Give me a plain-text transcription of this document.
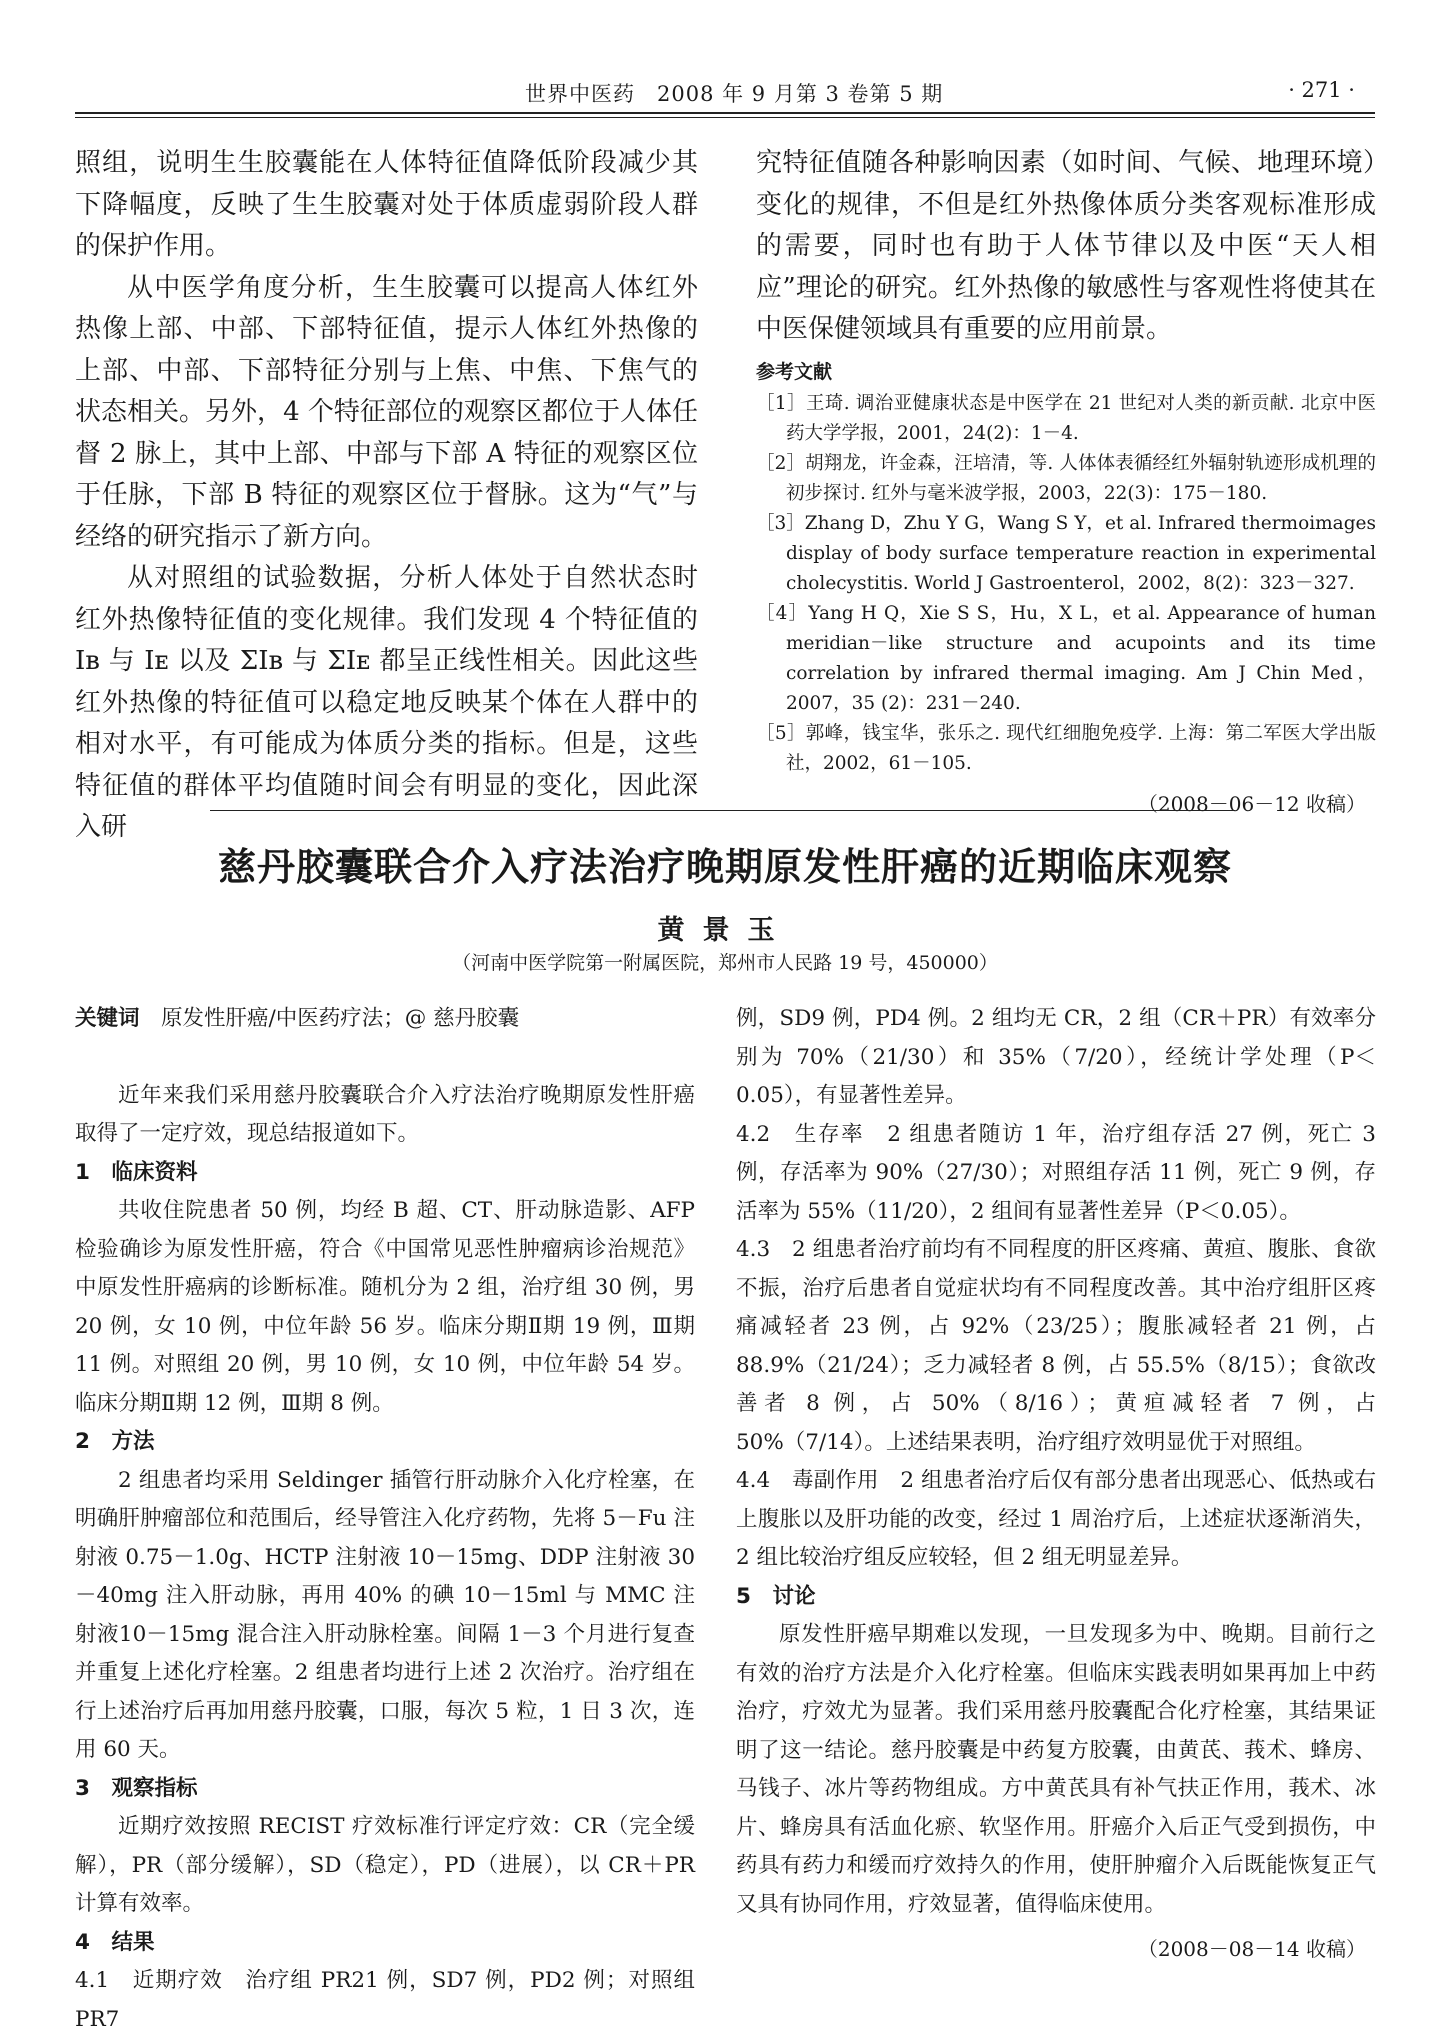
世界中医药　2008 年 9 月第 3 卷第 5 期	· 271 ·

照组，说明生生胶囊能在人体特征值降低阶段减少其下降幅度，反映了生生胶囊对处于体质虚弱阶段人群的保护作用。

从中医学角度分析，生生胶囊可以提高人体红外热像上部、中部、下部特征值，提示人体红外热像的上部、中部、下部特征分别与上焦、中焦、下焦气的状态相关。另外，4 个特征部位的观察区都位于人体任督 2 脉上，其中上部、中部与下部 A 特征的观察区位于任脉，下部 B 特征的观察区位于督脉。这为“气”与经络的研究指示了新方向。

从对照组的试验数据，分析人体处于自然状态时红外热像特征值的变化规律。我们发现 4 个特征值的 Iʙ 与 Iᴇ 以及 ΣIʙ 与 ΣIᴇ 都呈正线性相关。因此这些红外热像的特征值可以稳定地反映某个体在人群中的相对水平，有可能成为体质分类的指标。但是，这些特征值的群体平均值随时间会有明显的变化，因此深入研

究特征值随各种影响因素（如时间、气候、地理环境）变化的规律，不但是红外热像体质分类客观标准形成的需要，同时也有助于人体节律以及中医“天人相应”理论的研究。红外热像的敏感性与客观性将使其在中医保健领域具有重要的应用前景。

参考文献

［1］王琦. 调治亚健康状态是中医学在 21 世纪对人类的新贡献. 北京中医药大学学报，2001，24(2)：1－4.

［2］胡翔龙，许金森，汪培清，等. 人体体表循经红外辐射轨迹形成机理的初步探讨. 红外与毫米波学报，2003，22(3)：175－180.

［3］Zhang D，Zhu Y G，Wang S Y，et al. Infrared thermoimages display of body surface temperature reaction in experimental cholecystitis. World J Gastroenterol，2002，8(2)：323－327.

［4］Yang H Q，Xie S S，Hu，X L，et al. Appearance of human meridian－like structure and acupoints and its time correlation by infrared thermal imaging. Am J Chin Med，2007，35 (2)：231－240.

［5］郭峰，钱宝华，张乐之. 现代红细胞免疫学. 上海：第二军医大学出版社，2002，61－105.

（2008－06－12 收稿）
慈丹胶囊联合介入疗法治疗晚期原发性肝癌的近期临床观察
黄景玉
（河南中医学院第一附属医院，郑州市人民路 19 号，450000）

关键词　原发性肝癌/中医药疗法；@ 慈丹胶囊

近年来我们采用慈丹胶囊联合介入疗法治疗晚期原发性肝癌取得了一定疗效，现总结报道如下。

1　临床资料

共收住院患者 50 例，均经 B 超、CT、肝动脉造影、AFP 检验确诊为原发性肝癌，符合《中国常见恶性肿瘤病诊治规范》中原发性肝癌病的诊断标准。随机分为 2 组，治疗组 30 例，男 20 例，女 10 例，中位年龄 56 岁。临床分期Ⅱ期 19 例，Ⅲ期 11 例。对照组 20 例，男 10 例，女 10 例，中位年龄 54 岁。临床分期Ⅱ期 12 例，Ⅲ期 8 例。

2　方法

2 组患者均采用 Seldinger 插管行肝动脉介入化疗栓塞，在明确肝肿瘤部位和范围后，经导管注入化疗药物，先将 5－Fu 注射液 0.75－1.0g、HCTP 注射液 10－15mg、DDP 注射液 30－40mg 注入肝动脉，再用 40% 的碘 10－15ml 与 MMC 注射液10－15mg 混合注入肝动脉栓塞。间隔 1－3 个月进行复查并重复上述化疗栓塞。2 组患者均进行上述 2 次治疗。治疗组在行上述治疗后再加用慈丹胶囊，口服，每次 5 粒，1 日 3 次，连用 60 天。

3　观察指标

近期疗效按照 RECIST 疗效标准行评定疗效：CR（完全缓解），PR（部分缓解），SD（稳定），PD（进展），以 CR＋PR 计算有效率。

4　结果

4.1　近期疗效　治疗组 PR21 例，SD7 例，PD2 例；对照组 PR7

例，SD9 例，PD4 例。2 组均无 CR，2 组（CR＋PR）有效率分别为 70%（21/30）和 35%（7/20），经统计学处理（P＜0.05），有显著性差异。

4.2　生存率　2 组患者随访 1 年，治疗组存活 27 例，死亡 3 例，存活率为 90%（27/30）；对照组存活 11 例，死亡 9 例，存活率为 55%（11/20），2 组间有显著性差异（P＜0.05）。

4.3　2 组患者治疗前均有不同程度的肝区疼痛、黄疸、腹胀、食欲不振，治疗后患者自觉症状均有不同程度改善。其中治疗组肝区疼痛减轻者 23 例，占 92%（23/25）；腹胀减轻者 21 例，占 88.9%（21/24）；乏力减轻者 8 例，占 55.5%（8/15）；食欲改善者 8 例，占 50%（8/16）；黄疸减轻者 7 例，占 50%（7/14）。上述结果表明，治疗组疗效明显优于对照组。

4.4　毒副作用　2 组患者治疗后仅有部分患者出现恶心、低热或右上腹胀以及肝功能的改变，经过 1 周治疗后，上述症状逐渐消失，2 组比较治疗组反应较轻，但 2 组无明显差异。

5　讨论

原发性肝癌早期难以发现，一旦发现多为中、晚期。目前行之有效的治疗方法是介入化疗栓塞。但临床实践表明如果再加上中药治疗，疗效尤为显著。我们采用慈丹胶囊配合化疗栓塞，其结果证明了这一结论。慈丹胶囊是中药复方胶囊，由黄芪、莪术、蜂房、马钱子、冰片等药物组成。方中黄芪具有补气扶正作用，莪术、冰片、蜂房具有活血化瘀、软坚作用。肝癌介入后正气受到损伤，中药具有药力和缓而疗效持久的作用，使肝肿瘤介入后既能恢复正气又具有协同作用，疗效显著，值得临床使用。

（2008－08－14 收稿）
